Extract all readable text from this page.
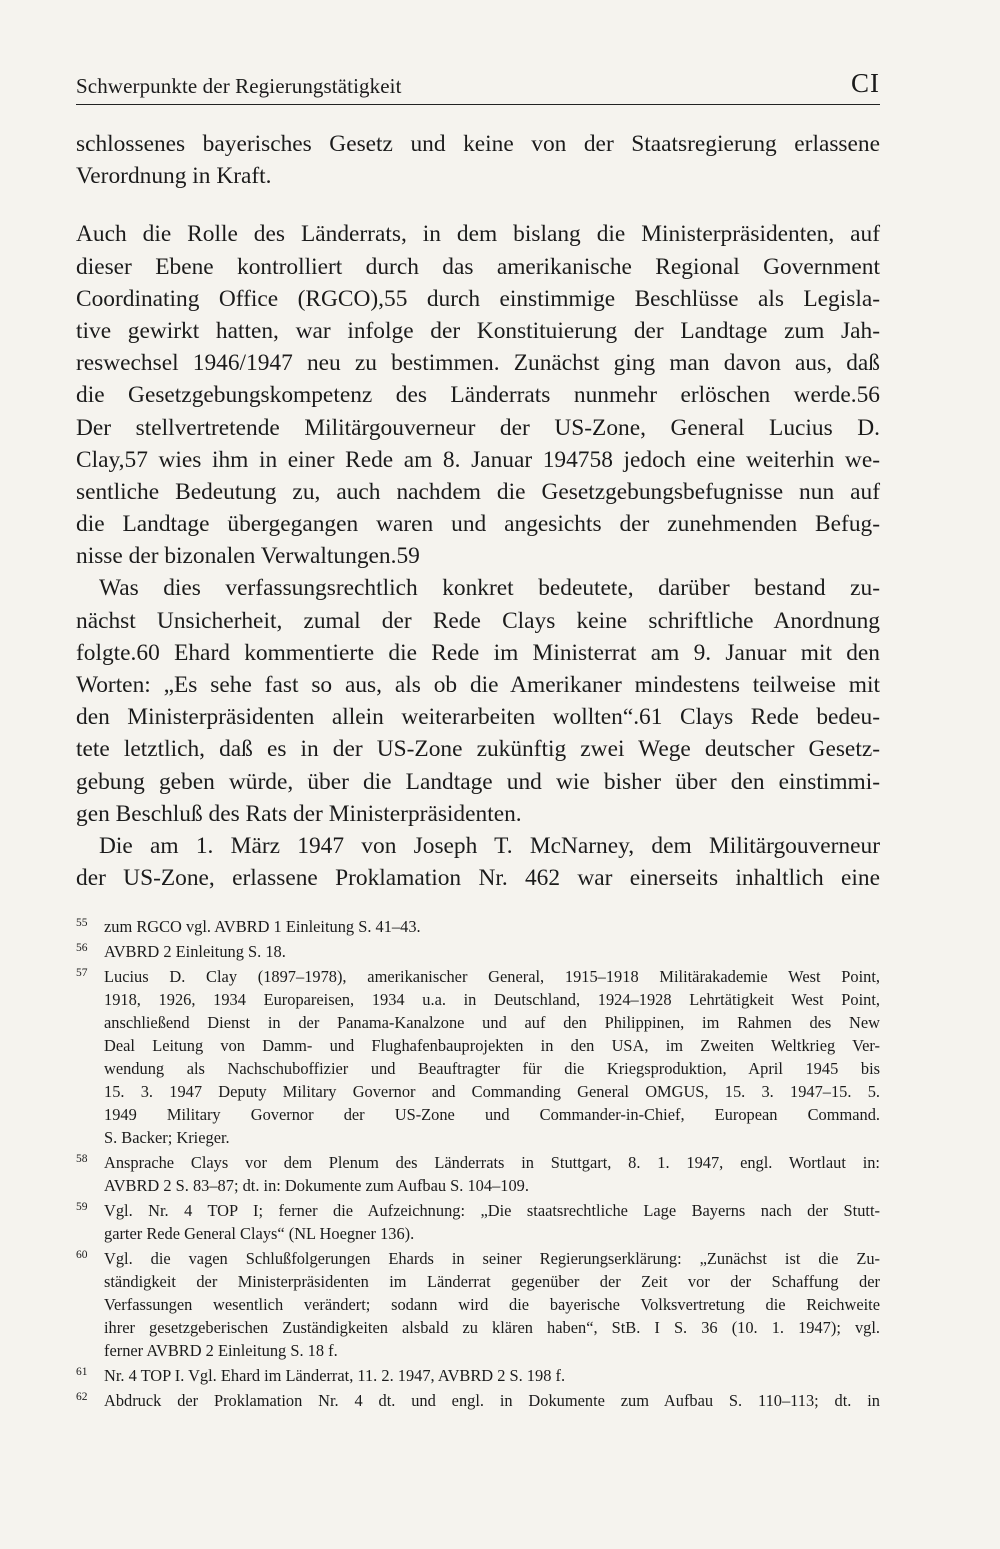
Schwerpunkte der Regierungstätigkeit	CI
schlossenes bayerisches Gesetz und keine von der Staatsregierung erlassene
Verordnung in Kraft.
Auch die Rolle des Länderrats, in dem bislang die Ministerpräsidenten, auf
dieser Ebene kontrolliert durch das amerikanische Regional Government
Coordinating Office (RGCO),55 durch einstimmige Beschlüsse als Legisla-
tive gewirkt hatten, war infolge der Konstituierung der Landtage zum Jah-
reswechsel 1946/1947 neu zu bestimmen. Zunächst ging man davon aus, daß
die Gesetzgebungskompetenz des Länderrats nunmehr erlöschen werde.56
Der stellvertretende Militärgouverneur der US-Zone, General Lucius D.
Clay,57 wies ihm in einer Rede am 8. Januar 194758 jedoch eine weiterhin we-
sentliche Bedeutung zu, auch nachdem die Gesetzgebungsbefugnisse nun auf
die Landtage übergegangen waren und angesichts der zunehmenden Befug-
nisse der bizonalen Verwaltungen.59
Was dies verfassungsrechtlich konkret bedeutete, darüber bestand zu-
nächst Unsicherheit, zumal der Rede Clays keine schriftliche Anordnung
folgte.60 Ehard kommentierte die Rede im Ministerrat am 9. Januar mit den
Worten: „Es sehe fast so aus, als ob die Amerikaner mindestens teilweise mit
den Ministerpräsidenten allein weiterarbeiten wollten“.61 Clays Rede bedeu-
tete letztlich, daß es in der US-Zone zukünftig zwei Wege deutscher Gesetz-
gebung geben würde, über die Landtage und wie bisher über den einstimmi-
gen Beschluß des Rats der Ministerpräsidenten.
Die am 1. März 1947 von Joseph T. McNarney, dem Militärgouverneur
der US-Zone, erlassene Proklamation Nr. 462 war einerseits inhaltlich eine
55 zum RGCO vgl. AVBRD 1 Einleitung S. 41–43.
56 AVBRD 2 Einleitung S. 18.
57 Lucius D. Clay (1897–1978), amerikanischer General, 1915–1918 Militärakademie West Point,
1918, 1926, 1934 Europareisen, 1934 u.a. in Deutschland, 1924–1928 Lehrtätigkeit West Point,
anschließend Dienst in der Panama-Kanalzone und auf den Philippinen, im Rahmen des New
Deal Leitung von Damm- und Flughafenbauprojekten in den USA, im Zweiten Weltkrieg Ver-
wendung als Nachschuboffizier und Beauftragter für die Kriegsproduktion, April 1945 bis
15. 3. 1947 Deputy Military Governor and Commanding General OMGUS, 15. 3. 1947–15. 5.
1949 Military Governor der US-Zone und Commander-in-Chief, European Command.
S. Backer; Krieger.
58 Ansprache Clays vor dem Plenum des Länderrats in Stuttgart, 8. 1. 1947, engl. Wortlaut in:
AVBRD 2 S. 83–87; dt. in: Dokumente zum Aufbau S. 104–109.
59 Vgl. Nr. 4 TOP I; ferner die Aufzeichnung: „Die staatsrechtliche Lage Bayerns nach der Stutt-
garter Rede General Clays“ (NL Hoegner 136).
60 Vgl. die vagen Schlußfolgerungen Ehards in seiner Regierungserklärung: „Zunächst ist die Zu-
ständigkeit der Ministerpräsidenten im Länderrat gegenüber der Zeit vor der Schaffung der
Verfassungen wesentlich verändert; sodann wird die bayerische Volksvertretung die Reichweite
ihrer gesetzgeberischen Zuständigkeiten alsbald zu klären haben“, StB. I S. 36 (10. 1. 1947); vgl.
ferner AVBRD 2 Einleitung S. 18 f.
61 Nr. 4 TOP I. Vgl. Ehard im Länderrat, 11. 2. 1947, AVBRD 2 S. 198 f.
62 Abdruck der Proklamation Nr. 4 dt. und engl. in Dokumente zum Aufbau S. 110–113; dt. in
